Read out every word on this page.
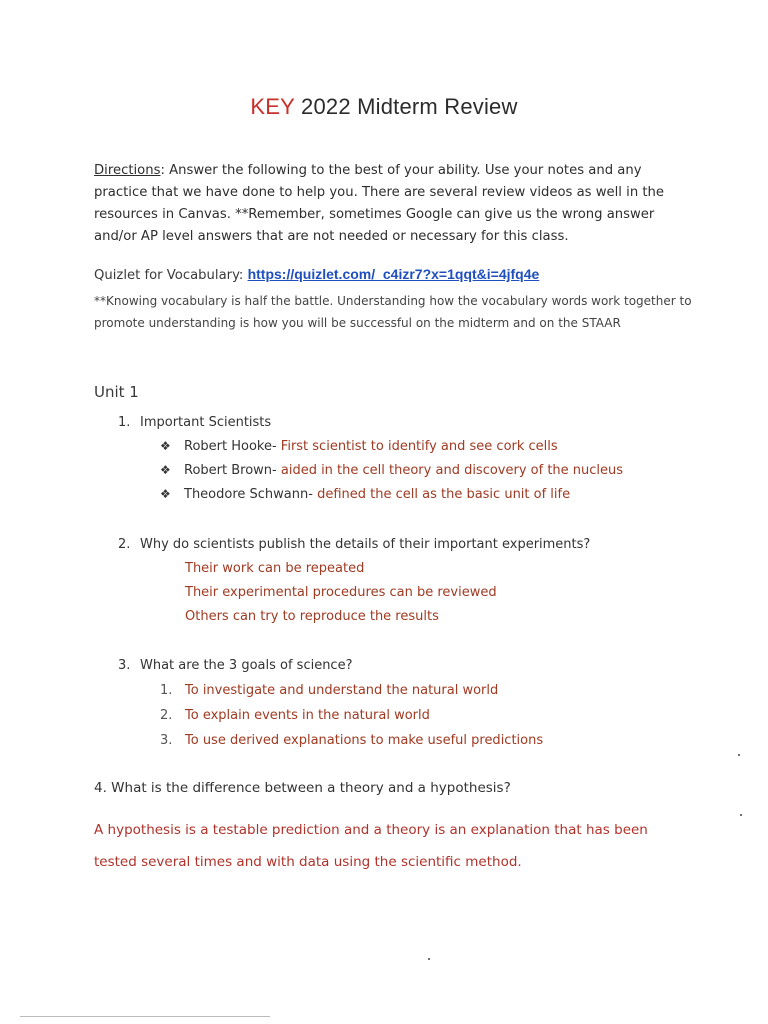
KEY 2022 Midterm Review
Directions: Answer the following to the best of your ability. Use your notes and any practice that we have done to help you. There are several review videos as well in the resources in Canvas. **Remember, sometimes Google can give us the wrong answer and/or AP level answers that are not needed or necessary for this class.
Quizlet for Vocabulary: https://quizlet.com/_c4izr7?x=1qqt&i=4jfq4e
**Knowing vocabulary is half the battle. Understanding how the vocabulary words work together to promote understanding is how you will be successful on the midterm and on the STAAR
Unit 1
1. Important Scientists
❖ Robert Hooke- First scientist to identify and see cork cells
❖ Robert Brown- aided in the cell theory and discovery of the nucleus
❖ Theodore Schwann- defined the cell as the basic unit of life
2. Why do scientists publish the details of their important experiments?
Their work can be repeated
Their experimental procedures can be reviewed
Others can try to reproduce the results
3. What are the 3 goals of science?
1. To investigate and understand the natural world
2. To explain events in the natural world
3. To use derived explanations to make useful predictions
4. What is the difference between a theory and a hypothesis?
A hypothesis is a testable prediction and a theory is an explanation that has been tested several times and with data using the scientific method.
